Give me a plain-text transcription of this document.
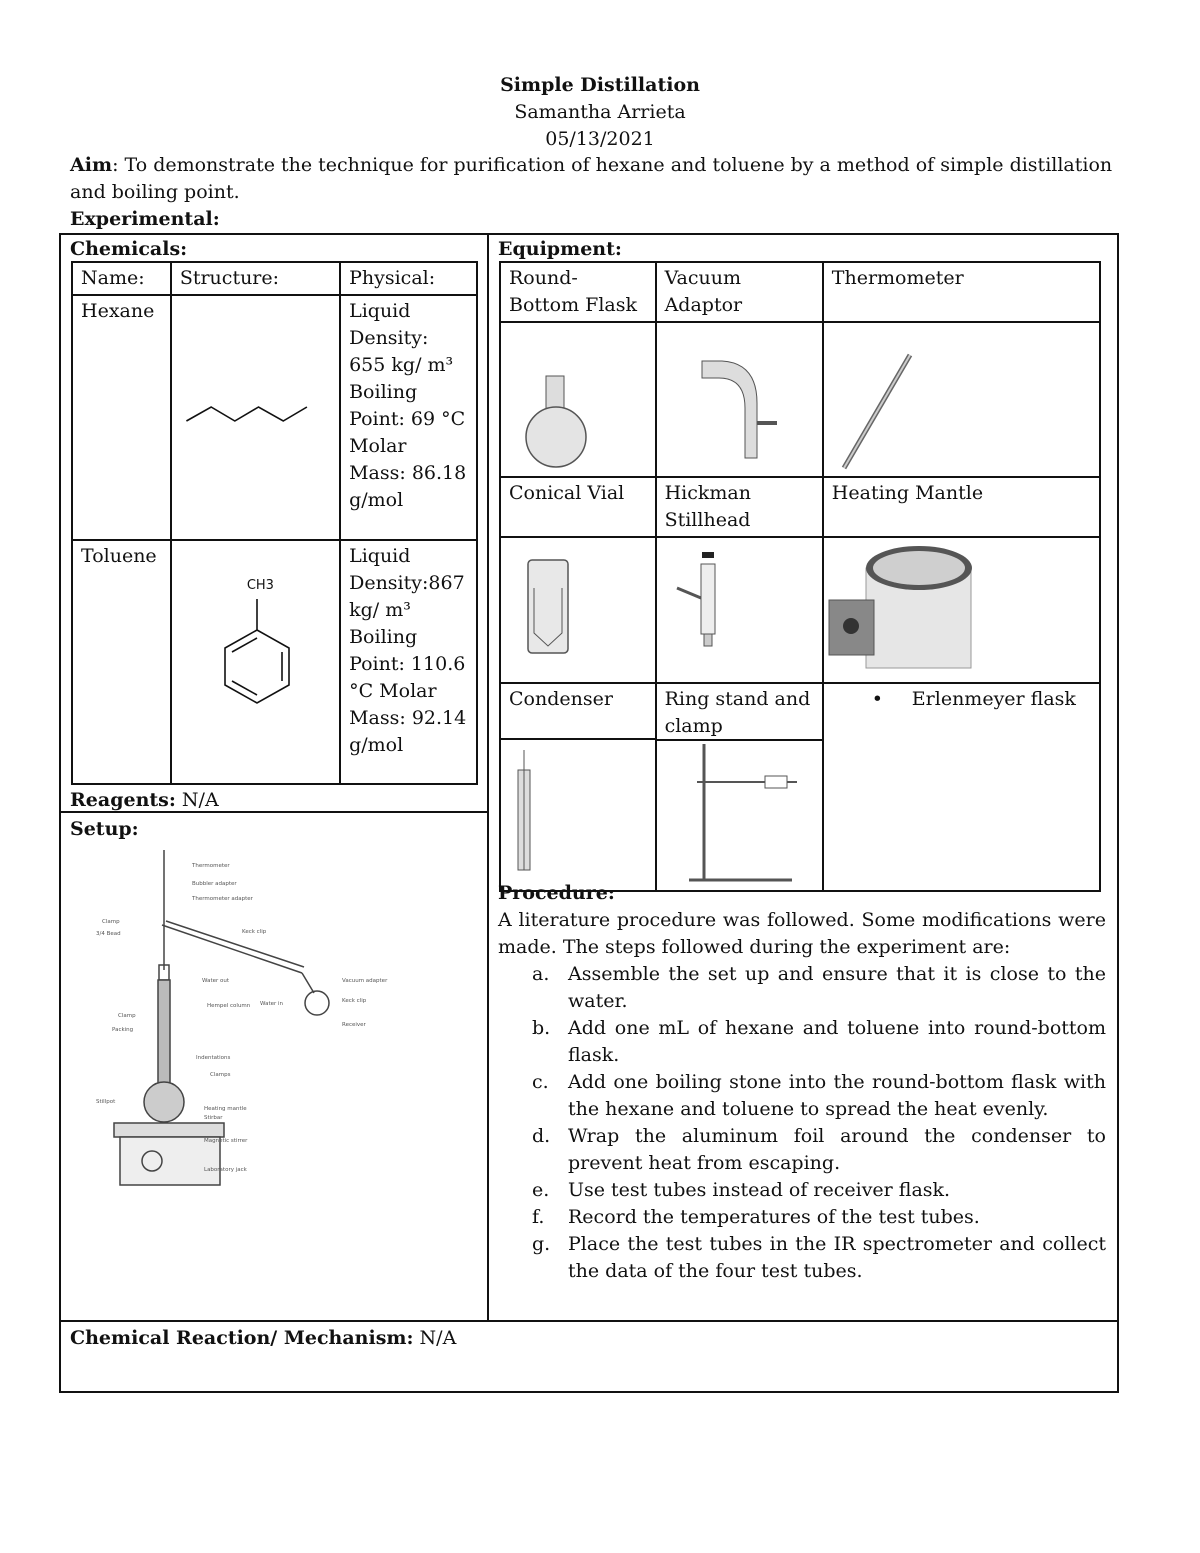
Simple Distillation
Samantha Arrieta
05/13/2021
Aim: To demonstrate the technique for purification of hexane and toluene by a method of simple distillation and boiling point.
Experimental:
Chemicals:
Name:	Structure:	Physical:
Hexane		Liquid Density: 655 kg/ m³ Boiling Point: 69 °C Molar Mass: 86.18 g/mol
Toluene	CH3	Liquid Density:867 kg/ m³ Boiling Point: 110.6 °C Molar Mass: 92.14 g/mol
Reagents: N/A
Setup:
Thermometer
Bubbler adapter
Thermometer adapter
Clamp
3/4 Bead	Keck clip
Water out	Vacuum adapter
Keck clip
Receiver
Hempel column Water in
Clamp
Packing
Indentations
Clamps
Stillpot
Heating mantle
Stirbar
Magnetic stirrer
Laboratory jack
Equipment:
Round-Bottom Flask	Vacuum Adaptor	Thermometer

Conical Vial	Hickman Stillhead	Heating Mantle

Condenser	Ring stand and clamp	• Erlenmeyer flask
Procedure:
A literature procedure was followed. Some modifications were made. The steps followed during the experiment are:
a. Assemble the set up and ensure that it is close to the water.
b. Add one mL of hexane and toluene into round-bottom flask.
c. Add one boiling stone into the round-bottom flask with the hexane and toluene to spread the heat evenly.
d. Wrap the aluminum foil around the condenser to prevent heat from escaping.
e. Use test tubes instead of receiver flask.
f. Record the temperatures of the test tubes.
g. Place the test tubes in the IR spectrometer and collect the data of the four test tubes.
Chemical Reaction/ Mechanism: N/A
